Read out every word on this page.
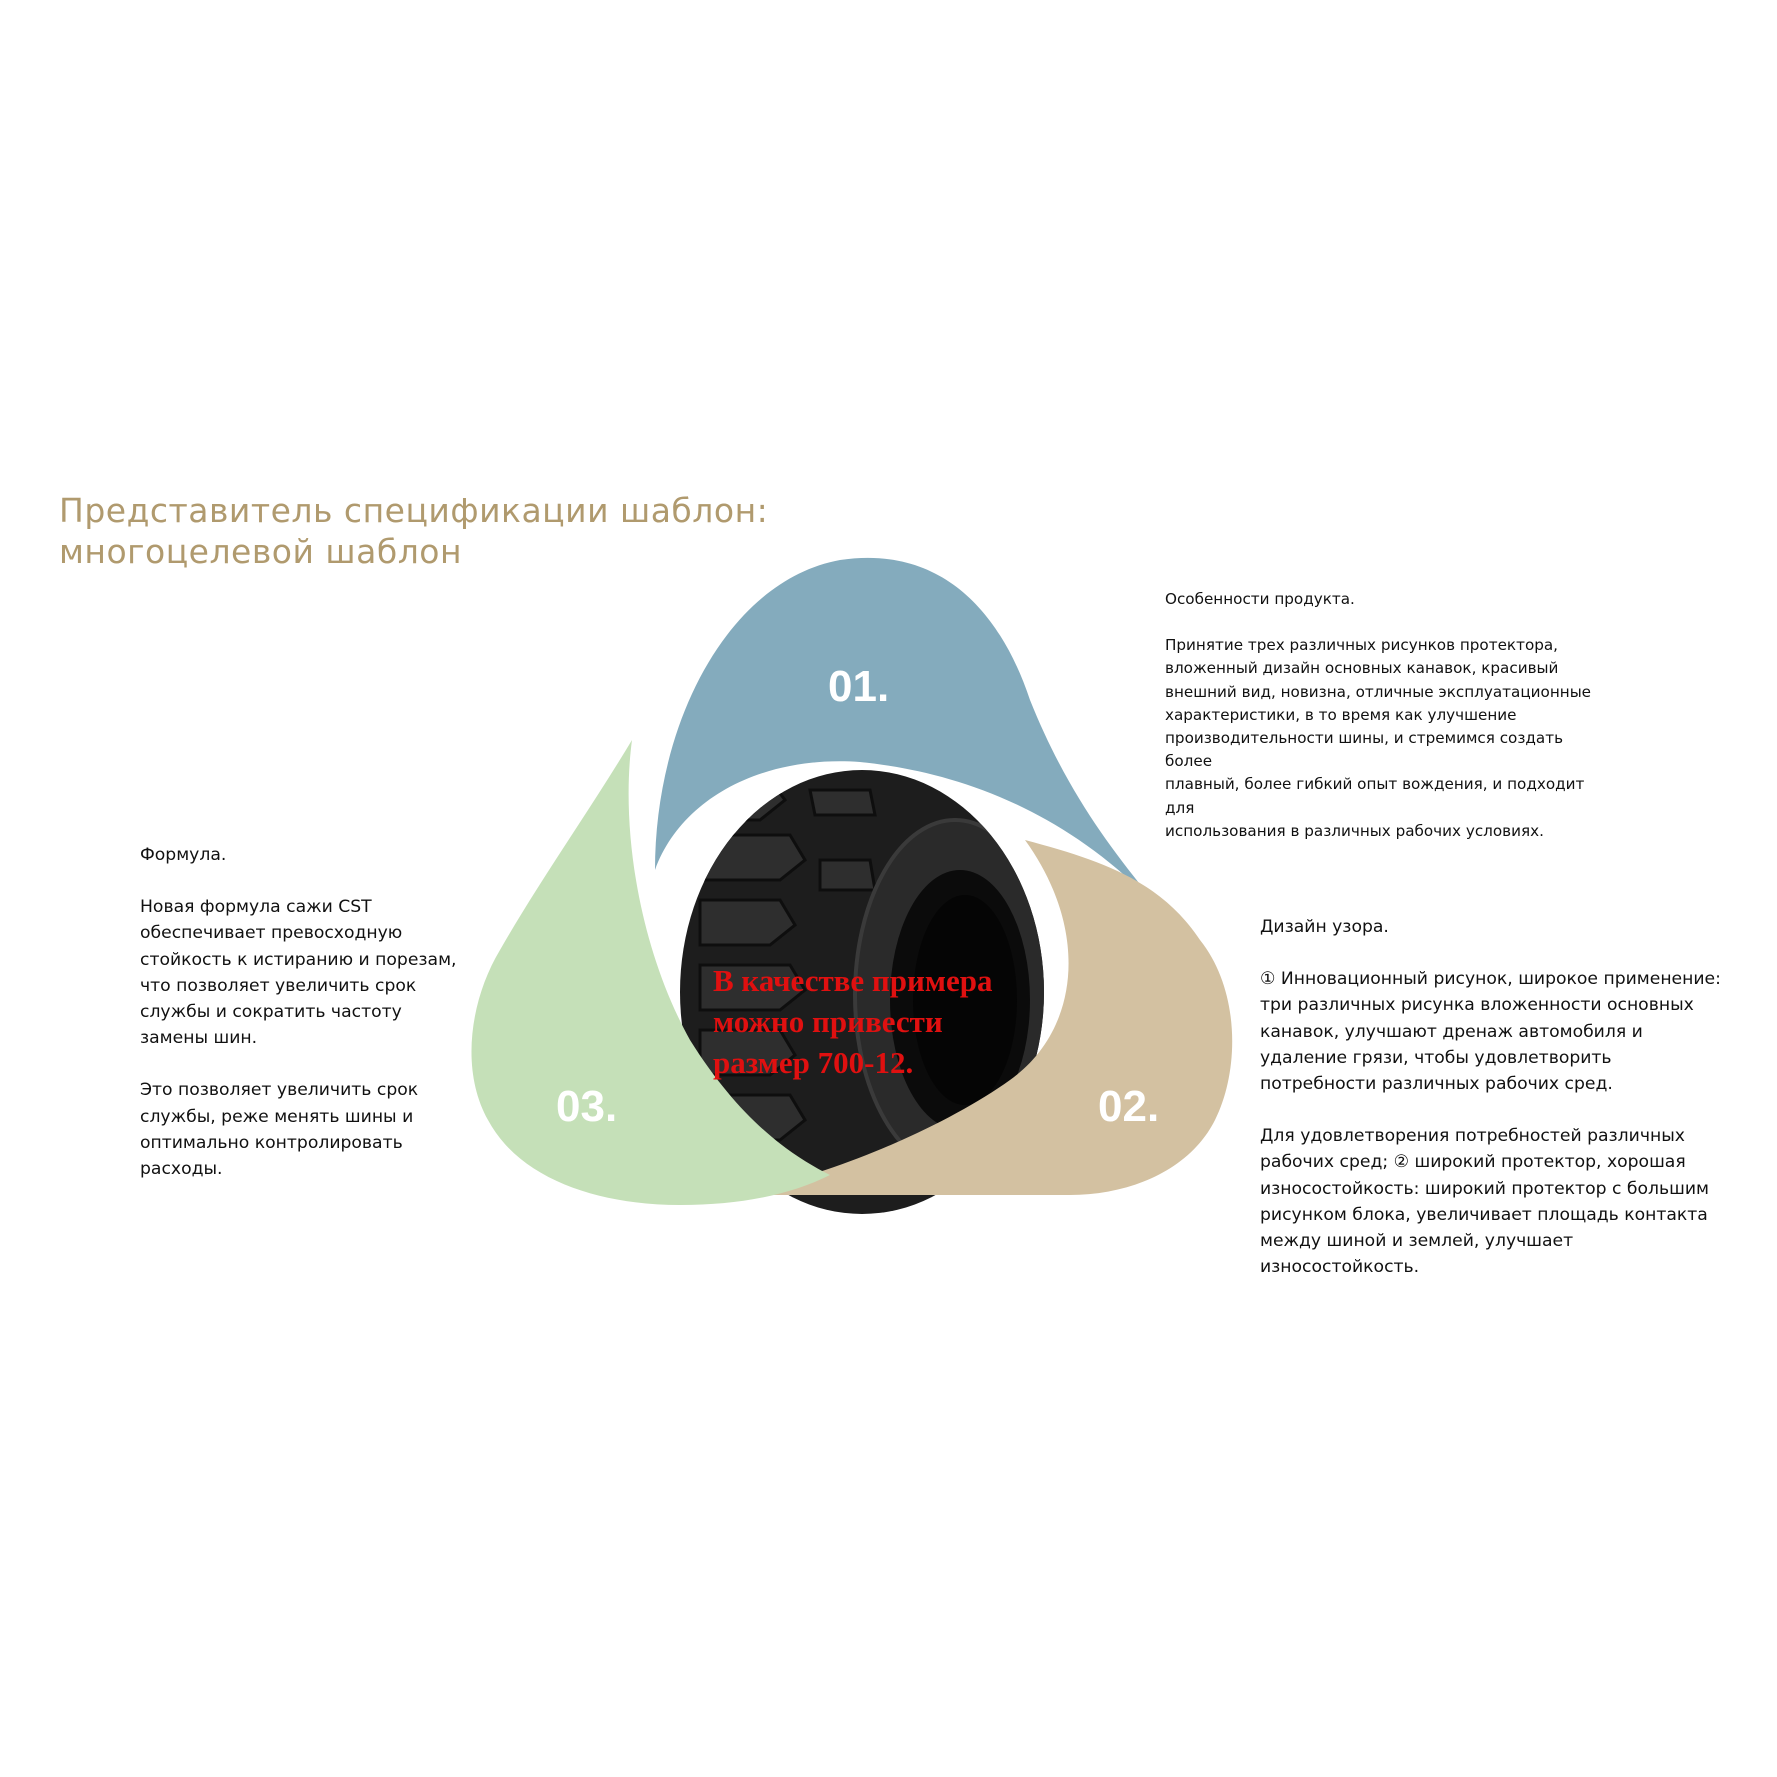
Представитель спецификации шаблон:
многоцелевой шаблон
01.
02.
03.
В качестве примера можно привести размер 700-12.

Особенности продукта.

Принятие трех различных рисунков протектора,

вложенный дизайн основных канавок, красивый

внешний вид, новизна, отличные эксплуатационные

характеристики, в то время как улучшение

производительности шины, и стремимся создать более

плавный, более гибкий опыт вождения, и подходит для

использования в различных рабочих условиях.

Дизайн узора.

① Инновационный рисунок, широкое применение: три различных рисунка вложенности основных канавок, улучшают дренаж автомобиля и удаление грязи, чтобы удовлетворить потребности различных рабочих сред.

Для удовлетворения потребностей различных рабочих сред; ② широкий протектор, хорошая износостойкость: широкий протектор с большим рисунком блока, увеличивает площадь контакта между шиной и землей, улучшает износостойкость.

Формула.

Новая формула сажи CST обеспечивает превосходную стойкость к истиранию и порезам, что позволяет увеличить срок службы и сократить частоту замены шин.

Это позволяет увеличить срок службы, реже менять шины и оптимально контролировать расходы.
